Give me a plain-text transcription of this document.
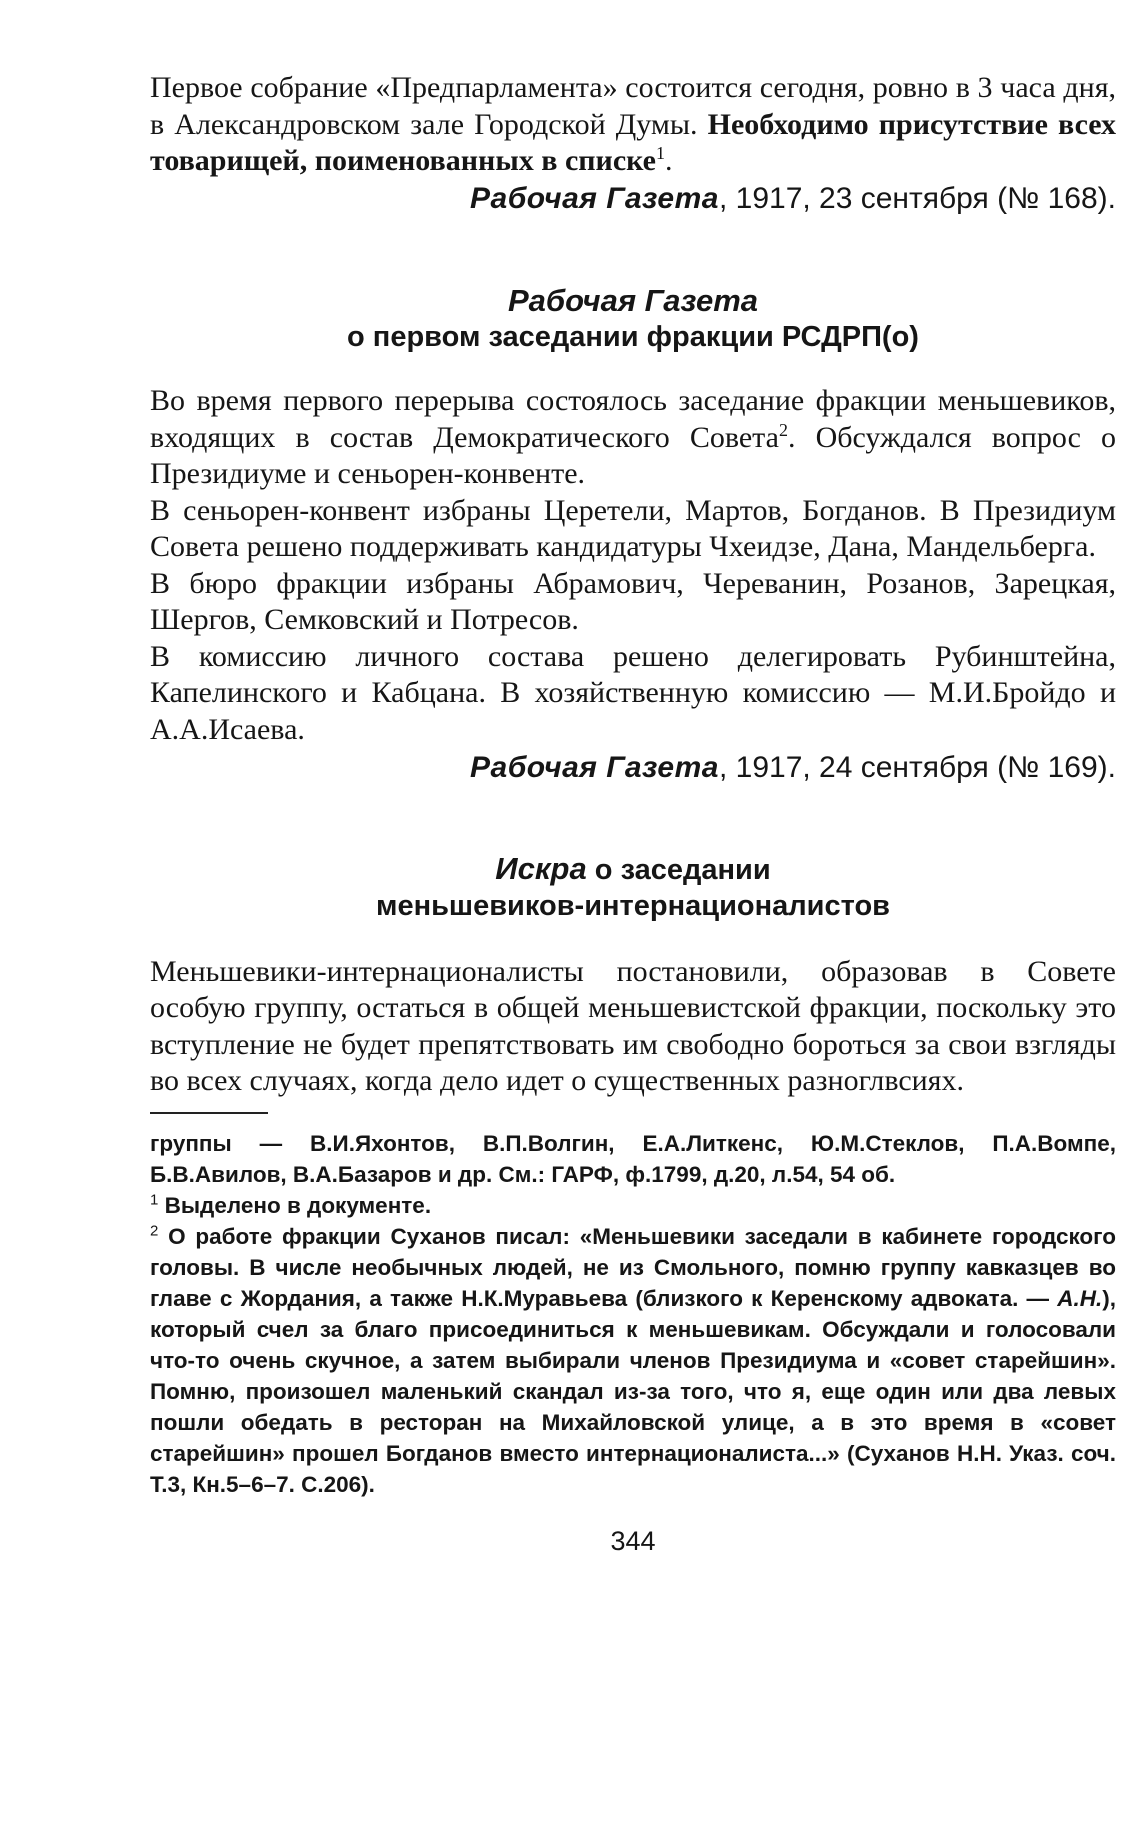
Первое собрание «Предпарламента» состоится сегодня, ровно в 3 часа дня, в Александровском зале Городской Думы. Необходимо присутствие всех товарищей, поименованных в списке$^1$.

Рабочая Газета, 1917, 23 сентября (№ 168).

Рабочая Газета
о первом заседании фракции РСДРП(о)

Во время первого перерыва состоялось заседание фракции меньшевиков, входящих в состав Демократического Совета$^2$. Обсуждался вопрос о Президиуме и сеньорен-конвенте.

В сеньорен-конвент избраны Церетели, Мартов, Богданов. В Президиум Совета решено поддерживать кандидатуры Чхеидзе, Дана, Мандельберга.

В бюро фракции избраны Абрамович, Череванин, Розанов, Зарецкая, Шергов, Семковский и Потресов.

В комиссию личного состава решено делегировать Рубинштейна, Капелинского и Кабцана. В хозяйственную комиссию — М.И.Бройдо и А.А.Исаева.

Рабочая Газета, 1917, 24 сентября (№ 169).

Искра о заседании
меньшевиков-интернационалистов

Меньшевики-интернационалисты постановили, образовав в Совете особую группу, остаться в общей меньшевистской фракции, поскольку это вступление не будет препятствовать им свободно бороться за свои взгляды во всех случаях, когда дело идет о существенных разноглвсиях.

группы — В.И.Яхонтов, В.П.Волгин, Е.А.Литкенс, Ю.М.Стеклов, П.А.Вомпе, Б.В.Авилов, В.А.Базаров и др. См.: ГАРФ, ф.1799, д.20, л.54, 54 об.

$^1$ Выделено в документе.

$^2$ О работе фракции Суханов писал: «Меньшевики заседали в кабинете городского головы. В числе необычных людей, не из Смольного, помню группу кавказцев во главе с Жордания, а также Н.К.Муравьева (близкого к Керенскому адвоката. — А.Н.), который счел за благо присоединиться к меньшевикам. Обсуждали и голосовали что-то очень скучное, а затем выбирали членов Президиума и «совет старейшин». Помню, произошел маленький скандал из-за того, что я, еще один или два левых пошли обедать в ресторан на Михайловской улице, а в это время в «совет старейшин» прошел Богданов вместо интернационалиста...» (Суханов Н.Н. Указ. соч. Т.3, Кн.5–6–7. С.206).

344
